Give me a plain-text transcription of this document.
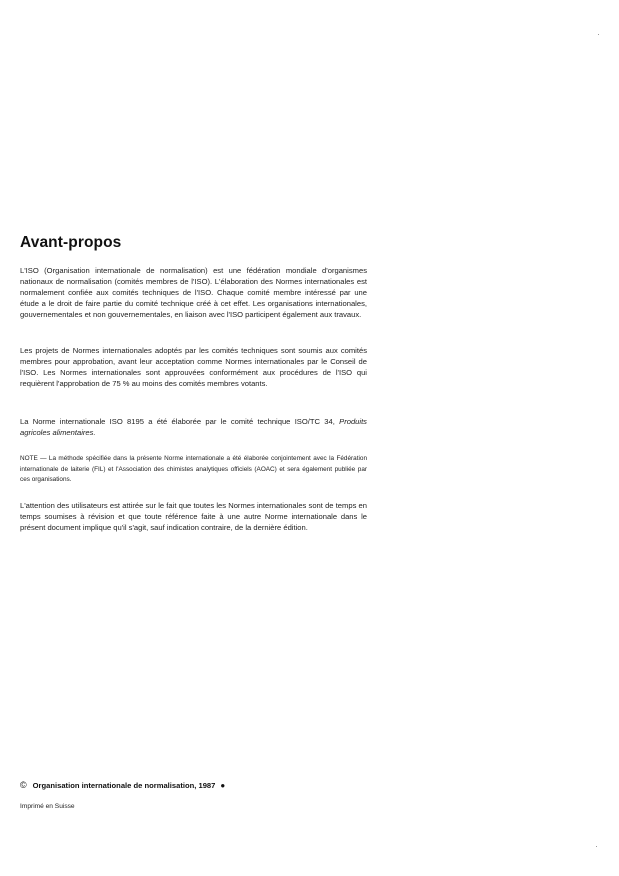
Avant-propos
L'ISO (Organisation internationale de normalisation) est une fédération mondiale d'organismes nationaux de normalisation (comités membres de l'ISO). L'élaboration des Normes internationales est normalement confiée aux comités techniques de l'ISO. Chaque comité membre intéressé par une étude a le droit de faire partie du comité technique créé à cet effet. Les organisations internationales, gouvernementales et non gouvernementales, en liaison avec l'ISO participent également aux travaux.
Les projets de Normes internationales adoptés par les comités techniques sont soumis aux comités membres pour approbation, avant leur acceptation comme Normes internationales par le Conseil de l'ISO. Les Normes internationales sont approuvées conformément aux procédures de l'ISO qui requièrent l'approbation de 75 % au moins des comités membres votants.
La Norme internationale ISO 8195 a été élaborée par le comité technique ISO/TC 34, Produits agricoles alimentaires.
NOTE — La méthode spécifiée dans la présente Norme internationale a été élaborée conjointement avec la Fédération internationale de laiterie (FIL) et l'Association des chimistes analytiques officiels (AOAC) et sera également publiée par ces organisations.
L'attention des utilisateurs est attirée sur le fait que toutes les Normes internationales sont de temps en temps soumises à révision et que toute référence faite à une autre Norme internationale dans le présent document implique qu'il s'agit, sauf indication contraire, de la dernière édition.
© Organisation internationale de normalisation, 1987 ●
Imprimé en Suisse
